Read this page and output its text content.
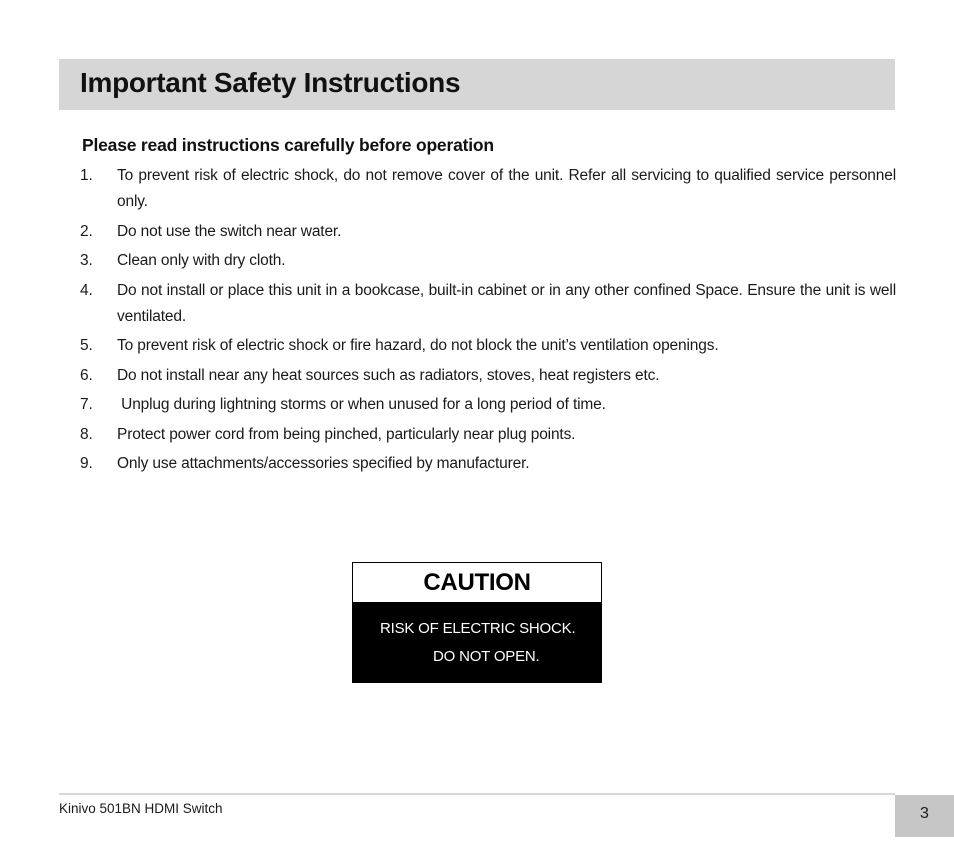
Important Safety Instructions
Please read instructions carefully before operation
1. To prevent risk of electric shock, do not remove cover of the unit. Refer all servicing to qualified service personnel only.
2. Do not use the switch near water.
3. Clean only with dry cloth.
4. Do not install or place this unit in a bookcase, built-in cabinet or in any other confined Space. Ensure the unit is well ventilated.
5. To prevent risk of electric shock or fire hazard, do not block the unit’s ventilation openings.
6. Do not install near any heat sources such as radiators, stoves, heat registers etc.
7. Unplug during lightning storms or when unused for a long period of time.
8. Protect power cord from being pinched, particularly near plug points.
9. Only use attachments/accessories specified by manufacturer.
CAUTION
RISK OF ELECTRIC SHOCK.
DO NOT OPEN.
Kinivo 501BN HDMI Switch	3
